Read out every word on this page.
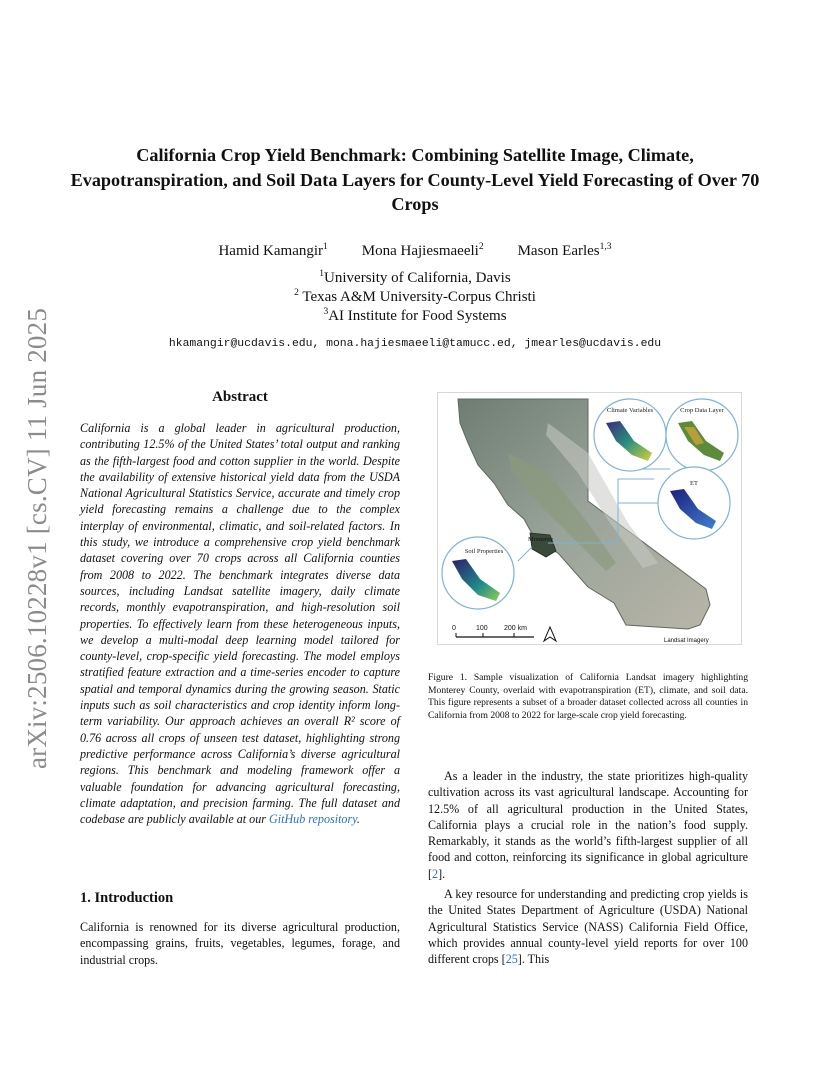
arXiv:2506.10228v1 [cs.CV] 11 Jun 2025
California Crop Yield Benchmark: Combining Satellite Image, Climate, Evapotranspiration, and Soil Data Layers for County-Level Yield Forecasting of Over 70 Crops
Hamid Kamangir$^1$ Mona Hajiesmaeeli$^2$ Mason Earles$^{1,3}$
$^1$University of California, Davis
$^2$ Texas A&M University-Corpus Christi
$^3$AI Institute for Food Systems
hkamangir@ucdavis.edu, mona.hajiesmaeeli@tamucc.ed, jmearles@ucdavis.edu
Abstract
California is a global leader in agricultural production, contributing 12.5% of the United States’ total output and ranking as the fifth-largest food and cotton supplier in the world. Despite the availability of extensive historical yield data from the USDA National Agricultural Statistics Service, accurate and timely crop yield forecasting remains a challenge due to the complex interplay of environmental, climatic, and soil-related factors. In this study, we introduce a comprehensive crop yield benchmark dataset covering over 70 crops across all California counties from 2008 to 2022. The benchmark integrates diverse data sources, including Landsat satellite imagery, daily climate records, monthly evapotranspiration, and high-resolution soil properties. To effectively learn from these heterogeneous inputs, we develop a multi-modal deep learning model tailored for county-level, crop-specific yield forecasting. The model employs stratified feature extraction and a time-series encoder to capture spatial and temporal dynamics during the growing season. Static inputs such as soil characteristics and crop identity inform long-term variability. Our approach achieves an overall R² score of 0.76 across all crops of unseen test dataset, highlighting strong predictive performance across California’s diverse agricultural regions. This benchmark and modeling framework offer a valuable foundation for advancing agricultural forecasting, climate adaptation, and precision farming. The full dataset and codebase are publicly available at our GitHub repository.
1. Introduction

California is renowned for its diverse agricultural production, encompassing grains, fruits, vegetables, legumes, forage, and industrial crops.

Climate Variables	Crop Data Layer
ET
Soil Properties
Monterey
0	100 200 km
Landsat Imagery

Figure 1. Sample visualization of California Landsat imagery highlighting Monterey County, overlaid with evapotranspiration (ET), climate, and soil data. This figure represents a subset of a broader dataset collected across all counties in California from 2008 to 2022 for large-scale crop yield forecasting.

As a leader in the industry, the state prioritizes high-quality cultivation across its vast agricultural landscape. Accounting for 12.5% of all agricultural production in the United States, California plays a crucial role in the nation’s food supply. Remarkably, it stands as the world’s fifth-largest supplier of all food and cotton, reinforcing its significance in global agriculture [2].

A key resource for understanding and predicting crop yields is the United States Department of Agriculture (USDA) National Agricultural Statistics Service (NASS) California Field Office, which provides annual county-level yield reports for over 100 different crops [25]. This
